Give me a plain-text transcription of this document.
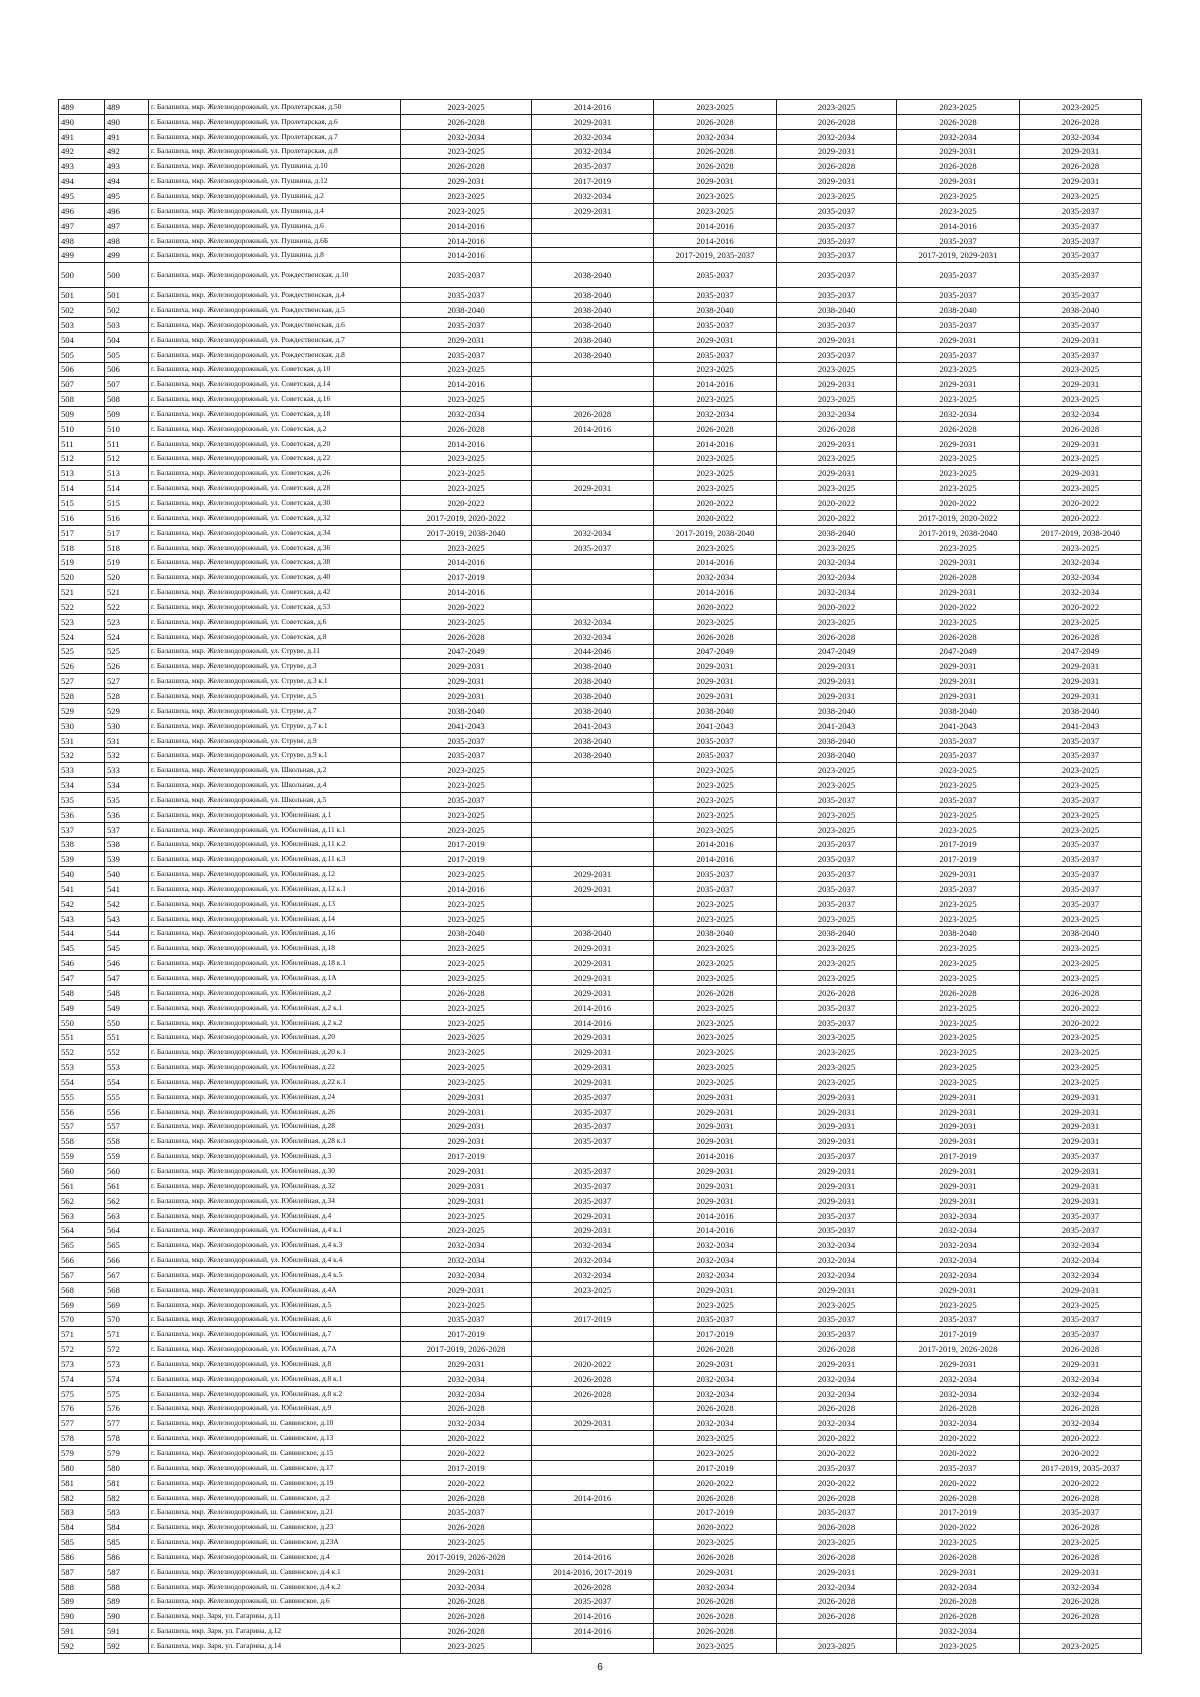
489	489	г. Балашиха, мкр. Железнодорожный, ул. Пролетарская, д.50	2023-2025	2014-2016	2023-2025	2023-2025	2023-2025	2023-2025
490	490	г. Балашиха, мкр. Железнодорожный, ул. Пролетарская, д.6	2026-2028	2029-2031	2026-2028	2026-2028	2026-2028	2026-2028
491	491	г. Балашиха, мкр. Железнодорожный, ул. Пролетарская, д.7	2032-2034	2032-2034	2032-2034	2032-2034	2032-2034	2032-2034
492	492	г. Балашиха, мкр. Железнодорожный, ул. Пролетарская, д.8	2023-2025	2032-2034	2026-2028	2029-2031	2029-2031	2029-2031
493	493	г. Балашиха, мкр. Железнодорожный, ул. Пушкина, д.10	2026-2028	2035-2037	2026-2028	2026-2028	2026-2028	2026-2028
494	494	г. Балашиха, мкр. Железнодорожный, ул. Пушкина, д.12	2029-2031	2017-2019	2029-2031	2029-2031	2029-2031	2029-2031
495	495	г. Балашиха, мкр. Железнодорожный, ул. Пушкина, д.2	2023-2025	2032-2034	2023-2025	2023-2025	2023-2025	2023-2025
496	496	г. Балашиха, мкр. Железнодорожный, ул. Пушкина, д.4	2023-2025	2029-2031	2023-2025	2035-2037	2023-2025	2035-2037
497	497	г. Балашиха, мкр. Железнодорожный, ул. Пушкина, д.6	2014-2016		2014-2016	2035-2037	2014-2016	2035-2037
498	498	г. Балашиха, мкр. Железнодорожный, ул. Пушкина, д.6Б	2014-2016		2014-2016	2035-2037	2035-2037	2035-2037
499	499	г. Балашиха, мкр. Железнодорожный, ул. Пушкина, д.8	2014-2016		2017-2019, 2035-2037	2035-2037	2017-2019, 2029-2031	2035-2037
500	500	г. Балашиха, мкр. Железнодорожный, ул. Рождественская, д.10	2035-2037	2038-2040	2035-2037	2035-2037	2035-2037	2035-2037
501	501	г. Балашиха, мкр. Железнодорожный, ул. Рождественская, д.4	2035-2037	2038-2040	2035-2037	2035-2037	2035-2037	2035-2037
502	502	г. Балашиха, мкр. Железнодорожный, ул. Рождественская, д.5	2038-2040	2038-2040	2038-2040	2038-2040	2038-2040	2038-2040
503	503	г. Балашиха, мкр. Железнодорожный, ул. Рождественская, д.6	2035-2037	2038-2040	2035-2037	2035-2037	2035-2037	2035-2037
504	504	г. Балашиха, мкр. Железнодорожный, ул. Рождественская, д.7	2029-2031	2038-2040	2029-2031	2029-2031	2029-2031	2029-2031
505	505	г. Балашиха, мкр. Железнодорожный, ул. Рождественская, д.8	2035-2037	2038-2040	2035-2037	2035-2037	2035-2037	2035-2037
506	506	г. Балашиха, мкр. Железнодорожный, ул. Советская, д.10	2023-2025		2023-2025	2023-2025	2023-2025	2023-2025
507	507	г. Балашиха, мкр. Железнодорожный, ул. Советская, д.14	2014-2016		2014-2016	2029-2031	2029-2031	2029-2031
508	508	г. Балашиха, мкр. Железнодорожный, ул. Советская, д.16	2023-2025		2023-2025	2023-2025	2023-2025	2023-2025
509	509	г. Балашиха, мкр. Железнодорожный, ул. Советская, д.18	2032-2034	2026-2028	2032-2034	2032-2034	2032-2034	2032-2034
510	510	г. Балашиха, мкр. Железнодорожный, ул. Советская, д.2	2026-2028	2014-2016	2026-2028	2026-2028	2026-2028	2026-2028
511	511	г. Балашиха, мкр. Железнодорожный, ул. Советская, д.20	2014-2016		2014-2016	2029-2031	2029-2031	2029-2031
512	512	г. Балашиха, мкр. Железнодорожный, ул. Советская, д.22	2023-2025		2023-2025	2023-2025	2023-2025	2023-2025
513	513	г. Балашиха, мкр. Железнодорожный, ул. Советская, д.26	2023-2025		2023-2025	2029-2031	2023-2025	2029-2031
514	514	г. Балашиха, мкр. Железнодорожный, ул. Советская, д.28	2023-2025	2029-2031	2023-2025	2023-2025	2023-2025	2023-2025
515	515	г. Балашиха, мкр. Железнодорожный, ул. Советская, д.30	2020-2022		2020-2022	2020-2022	2020-2022	2020-2022
516	516	г. Балашиха, мкр. Железнодорожный, ул. Советская, д.32	2017-2019, 2020-2022		2020-2022	2020-2022	2017-2019, 2020-2022	2020-2022
517	517	г. Балашиха, мкр. Железнодорожный, ул. Советская, д.34	2017-2019, 2038-2040	2032-2034	2017-2019, 2038-2040	2038-2040	2017-2019, 2038-2040	2017-2019, 2038-2040
518	518	г. Балашиха, мкр. Железнодорожный, ул. Советская, д.36	2023-2025	2035-2037	2023-2025	2023-2025	2023-2025	2023-2025
519	519	г. Балашиха, мкр. Железнодорожный, ул. Советская, д.38	2014-2016		2014-2016	2032-2034	2029-2031	2032-2034
520	520	г. Балашиха, мкр. Железнодорожный, ул. Советская, д.40	2017-2019		2032-2034	2032-2034	2026-2028	2032-2034
521	521	г. Балашиха, мкр. Железнодорожный, ул. Советская, д.42	2014-2016		2014-2016	2032-2034	2029-2031	2032-2034
522	522	г. Балашиха, мкр. Железнодорожный, ул. Советская, д.53	2020-2022		2020-2022	2020-2022	2020-2022	2020-2022
523	523	г. Балашиха, мкр. Железнодорожный, ул. Советская, д.6	2023-2025	2032-2034	2023-2025	2023-2025	2023-2025	2023-2025
524	524	г. Балашиха, мкр. Железнодорожный, ул. Советская, д.8	2026-2028	2032-2034	2026-2028	2026-2028	2026-2028	2026-2028
525	525	г. Балашиха, мкр. Железнодорожный, ул. Струве, д.11	2047-2049	2044-2046	2047-2049	2047-2049	2047-2049	2047-2049
526	526	г. Балашиха, мкр. Железнодорожный, ул. Струве, д.3	2029-2031	2038-2040	2029-2031	2029-2031	2029-2031	2029-2031
527	527	г. Балашиха, мкр. Железнодорожный, ул. Струве, д.3 к.1	2029-2031	2038-2040	2029-2031	2029-2031	2029-2031	2029-2031
528	528	г. Балашиха, мкр. Железнодорожный, ул. Струве, д.5	2029-2031	2038-2040	2029-2031	2029-2031	2029-2031	2029-2031
529	529	г. Балашиха, мкр. Железнодорожный, ул. Струве, д.7	2038-2040	2038-2040	2038-2040	2038-2040	2038-2040	2038-2040
530	530	г. Балашиха, мкр. Железнодорожный, ул. Струве, д.7 к.1	2041-2043	2041-2043	2041-2043	2041-2043	2041-2043	2041-2043
531	531	г. Балашиха, мкр. Железнодорожный, ул. Струве, д.9	2035-2037	2038-2040	2035-2037	2038-2040	2035-2037	2035-2037
532	532	г. Балашиха, мкр. Железнодорожный, ул. Струве, д.9 к.1	2035-2037	2038-2040	2035-2037	2038-2040	2035-2037	2035-2037
533	533	г. Балашиха, мкр. Железнодорожный, ул. Школьная, д.2	2023-2025		2023-2025	2023-2025	2023-2025	2023-2025
534	534	г. Балашиха, мкр. Железнодорожный, ул. Школьная, д.4	2023-2025		2023-2025	2023-2025	2023-2025	2023-2025
535	535	г. Балашиха, мкр. Железнодорожный, ул. Школьная, д.5	2035-2037		2023-2025	2035-2037	2035-2037	2035-2037
536	536	г. Балашиха, мкр. Железнодорожный, ул. Юбилейная, д.1	2023-2025		2023-2025	2023-2025	2023-2025	2023-2025
537	537	г. Балашиха, мкр. Железнодорожный, ул. Юбилейная, д.11 к.1	2023-2025		2023-2025	2023-2025	2023-2025	2023-2025
538	538	г. Балашиха, мкр. Железнодорожный, ул. Юбилейная, д.11 к.2	2017-2019		2014-2016	2035-2037	2017-2019	2035-2037
539	539	г. Балашиха, мкр. Железнодорожный, ул. Юбилейная, д.11 к.3	2017-2019		2014-2016	2035-2037	2017-2019	2035-2037
540	540	г. Балашиха, мкр. Железнодорожный, ул. Юбилейная, д.12	2023-2025	2029-2031	2035-2037	2035-2037	2029-2031	2035-2037
541	541	г. Балашиха, мкр. Железнодорожный, ул. Юбилейная, д.12 к.1	2014-2016	2029-2031	2035-2037	2035-2037	2035-2037	2035-2037
542	542	г. Балашиха, мкр. Железнодорожный, ул. Юбилейная, д.13	2023-2025		2023-2025	2035-2037	2023-2025	2035-2037
543	543	г. Балашиха, мкр. Железнодорожный, ул. Юбилейная, д.14	2023-2025		2023-2025	2023-2025	2023-2025	2023-2025
544	544	г. Балашиха, мкр. Железнодорожный, ул. Юбилейная, д.16	2038-2040	2038-2040	2038-2040	2038-2040	2038-2040	2038-2040
545	545	г. Балашиха, мкр. Железнодорожный, ул. Юбилейная, д.18	2023-2025	2029-2031	2023-2025	2023-2025	2023-2025	2023-2025
546	546	г. Балашиха, мкр. Железнодорожный, ул. Юбилейная, д.18 к.1	2023-2025	2029-2031	2023-2025	2023-2025	2023-2025	2023-2025
547	547	г. Балашиха, мкр. Железнодорожный, ул. Юбилейная, д.1А	2023-2025	2029-2031	2023-2025	2023-2025	2023-2025	2023-2025
548	548	г. Балашиха, мкр. Железнодорожный, ул. Юбилейная, д.2	2026-2028	2029-2031	2026-2028	2026-2028	2026-2028	2026-2028
549	549	г. Балашиха, мкр. Железнодорожный, ул. Юбилейная, д.2 к.1	2023-2025	2014-2016	2023-2025	2035-2037	2023-2025	2020-2022
550	550	г. Балашиха, мкр. Железнодорожный, ул. Юбилейная, д.2 к.2	2023-2025	2014-2016	2023-2025	2035-2037	2023-2025	2020-2022
551	551	г. Балашиха, мкр. Железнодорожный, ул. Юбилейная, д.20	2023-2025	2029-2031	2023-2025	2023-2025	2023-2025	2023-2025
552	552	г. Балашиха, мкр. Железнодорожный, ул. Юбилейная, д.20 к.1	2023-2025	2029-2031	2023-2025	2023-2025	2023-2025	2023-2025
553	553	г. Балашиха, мкр. Железнодорожный, ул. Юбилейная, д.22	2023-2025	2029-2031	2023-2025	2023-2025	2023-2025	2023-2025
554	554	г. Балашиха, мкр. Железнодорожный, ул. Юбилейная, д.22 к.1	2023-2025	2029-2031	2023-2025	2023-2025	2023-2025	2023-2025
555	555	г. Балашиха, мкр. Железнодорожный, ул. Юбилейная, д.24	2029-2031	2035-2037	2029-2031	2029-2031	2029-2031	2029-2031
556	556	г. Балашиха, мкр. Железнодорожный, ул. Юбилейная, д.26	2029-2031	2035-2037	2029-2031	2029-2031	2029-2031	2029-2031
557	557	г. Балашиха, мкр. Железнодорожный, ул. Юбилейная, д.28	2029-2031	2035-2037	2029-2031	2029-2031	2029-2031	2029-2031
558	558	г. Балашиха, мкр. Железнодорожный, ул. Юбилейная, д.28 к.1	2029-2031	2035-2037	2029-2031	2029-2031	2029-2031	2029-2031
559	559	г. Балашиха, мкр. Железнодорожный, ул. Юбилейная, д.3	2017-2019		2014-2016	2035-2037	2017-2019	2035-2037
560	560	г. Балашиха, мкр. Железнодорожный, ул. Юбилейная, д.30	2029-2031	2035-2037	2029-2031	2029-2031	2029-2031	2029-2031
561	561	г. Балашиха, мкр. Железнодорожный, ул. Юбилейная, д.32	2029-2031	2035-2037	2029-2031	2029-2031	2029-2031	2029-2031
562	562	г. Балашиха, мкр. Железнодорожный, ул. Юбилейная, д.34	2029-2031	2035-2037	2029-2031	2029-2031	2029-2031	2029-2031
563	563	г. Балашиха, мкр. Железнодорожный, ул. Юбилейная, д.4	2023-2025	2029-2031	2014-2016	2035-2037	2032-2034	2035-2037
564	564	г. Балашиха, мкр. Железнодорожный, ул. Юбилейная, д.4 к.1	2023-2025	2029-2031	2014-2016	2035-2037	2032-2034	2035-2037
565	565	г. Балашиха, мкр. Железнодорожный, ул. Юбилейная, д.4 к.3	2032-2034	2032-2034	2032-2034	2032-2034	2032-2034	2032-2034
566	566	г. Балашиха, мкр. Железнодорожный, ул. Юбилейная, д.4 к.4	2032-2034	2032-2034	2032-2034	2032-2034	2032-2034	2032-2034
567	567	г. Балашиха, мкр. Железнодорожный, ул. Юбилейная, д.4 к.5	2032-2034	2032-2034	2032-2034	2032-2034	2032-2034	2032-2034
568	568	г. Балашиха, мкр. Железнодорожный, ул. Юбилейная, д.4А	2029-2031	2023-2025	2029-2031	2029-2031	2029-2031	2029-2031
569	569	г. Балашиха, мкр. Железнодорожный, ул. Юбилейная, д.5	2023-2025		2023-2025	2023-2025	2023-2025	2023-2025
570	570	г. Балашиха, мкр. Железнодорожный, ул. Юбилейная, д.6	2035-2037	2017-2019	2035-2037	2035-2037	2035-2037	2035-2037
571	571	г. Балашиха, мкр. Железнодорожный, ул. Юбилейная, д.7	2017-2019		2017-2019	2035-2037	2017-2019	2035-2037
572	572	г. Балашиха, мкр. Железнодорожный, ул. Юбилейная, д.7А	2017-2019, 2026-2028		2026-2028	2026-2028	2017-2019, 2026-2028	2026-2028
573	573	г. Балашиха, мкр. Железнодорожный, ул. Юбилейная, д.8	2029-2031	2020-2022	2029-2031	2029-2031	2029-2031	2029-2031
574	574	г. Балашиха, мкр. Железнодорожный, ул. Юбилейная, д.8 к.1	2032-2034	2026-2028	2032-2034	2032-2034	2032-2034	2032-2034
575	575	г. Балашиха, мкр. Железнодорожный, ул. Юбилейная, д.8 к.2	2032-2034	2026-2028	2032-2034	2032-2034	2032-2034	2032-2034
576	576	г. Балашиха, мкр. Железнодорожный, ул. Юбилейная, д.9	2026-2028		2026-2028	2026-2028	2026-2028	2026-2028
577	577	г. Балашиха, мкр. Железнодорожный, ш. Саввинское, д.10	2032-2034	2029-2031	2032-2034	2032-2034	2032-2034	2032-2034
578	578	г. Балашиха, мкр. Железнодорожный, ш. Саввинское, д.13	2020-2022		2023-2025	2020-2022	2020-2022	2020-2022
579	579	г. Балашиха, мкр. Железнодорожный, ш. Саввинское, д.15	2020-2022		2023-2025	2020-2022	2020-2022	2020-2022
580	580	г. Балашиха, мкр. Железнодорожный, ш. Саввинское, д.17	2017-2019		2017-2019	2035-2037	2035-2037	2017-2019, 2035-2037
581	581	г. Балашиха, мкр. Железнодорожный, ш. Саввинское, д.19	2020-2022		2020-2022	2020-2022	2020-2022	2020-2022
582	582	г. Балашиха, мкр. Железнодорожный, ш. Саввинское, д.2	2026-2028	2014-2016	2026-2028	2026-2028	2026-2028	2026-2028
583	583	г. Балашиха, мкр. Железнодорожный, ш. Саввинское, д.21	2035-2037		2017-2019	2035-2037	2017-2019	2035-2037
584	584	г. Балашиха, мкр. Железнодорожный, ш. Саввинское, д.23	2026-2028		2020-2022	2026-2028	2020-2022	2026-2028
585	585	г. Балашиха, мкр. Железнодорожный, ш. Саввинское, д.23А	2023-2025		2023-2025	2023-2025	2023-2025	2023-2025
586	586	г. Балашиха, мкр. Железнодорожный, ш. Саввинское, д.4	2017-2019, 2026-2028	2014-2016	2026-2028	2026-2028	2026-2028	2026-2028
587	587	г. Балашиха, мкр. Железнодорожный, ш. Саввинское, д.4 к.1	2029-2031	2014-2016, 2017-2019	2029-2031	2029-2031	2029-2031	2029-2031
588	588	г. Балашиха, мкр. Железнодорожный, ш. Саввинское, д.4 к.2	2032-2034	2026-2028	2032-2034	2032-2034	2032-2034	2032-2034
589	589	г. Балашиха, мкр. Железнодорожный, ш. Саввинское, д.6	2026-2028	2035-2037	2026-2028	2026-2028	2026-2028	2026-2028
590	590	г. Балашиха, мкр. Заря, ул. Гагарина, д.11	2026-2028	2014-2016	2026-2028	2026-2028	2026-2028	2026-2028
591	591	г. Балашиха, мкр. Заря, ул. Гагарина, д.12	2026-2028	2014-2016	2026-2028		2032-2034	
592	592	г. Балашиха, мкр. Заря, ул. Гагарина, д.14	2023-2025		2023-2025	2023-2025	2023-2025	2023-2025
6
